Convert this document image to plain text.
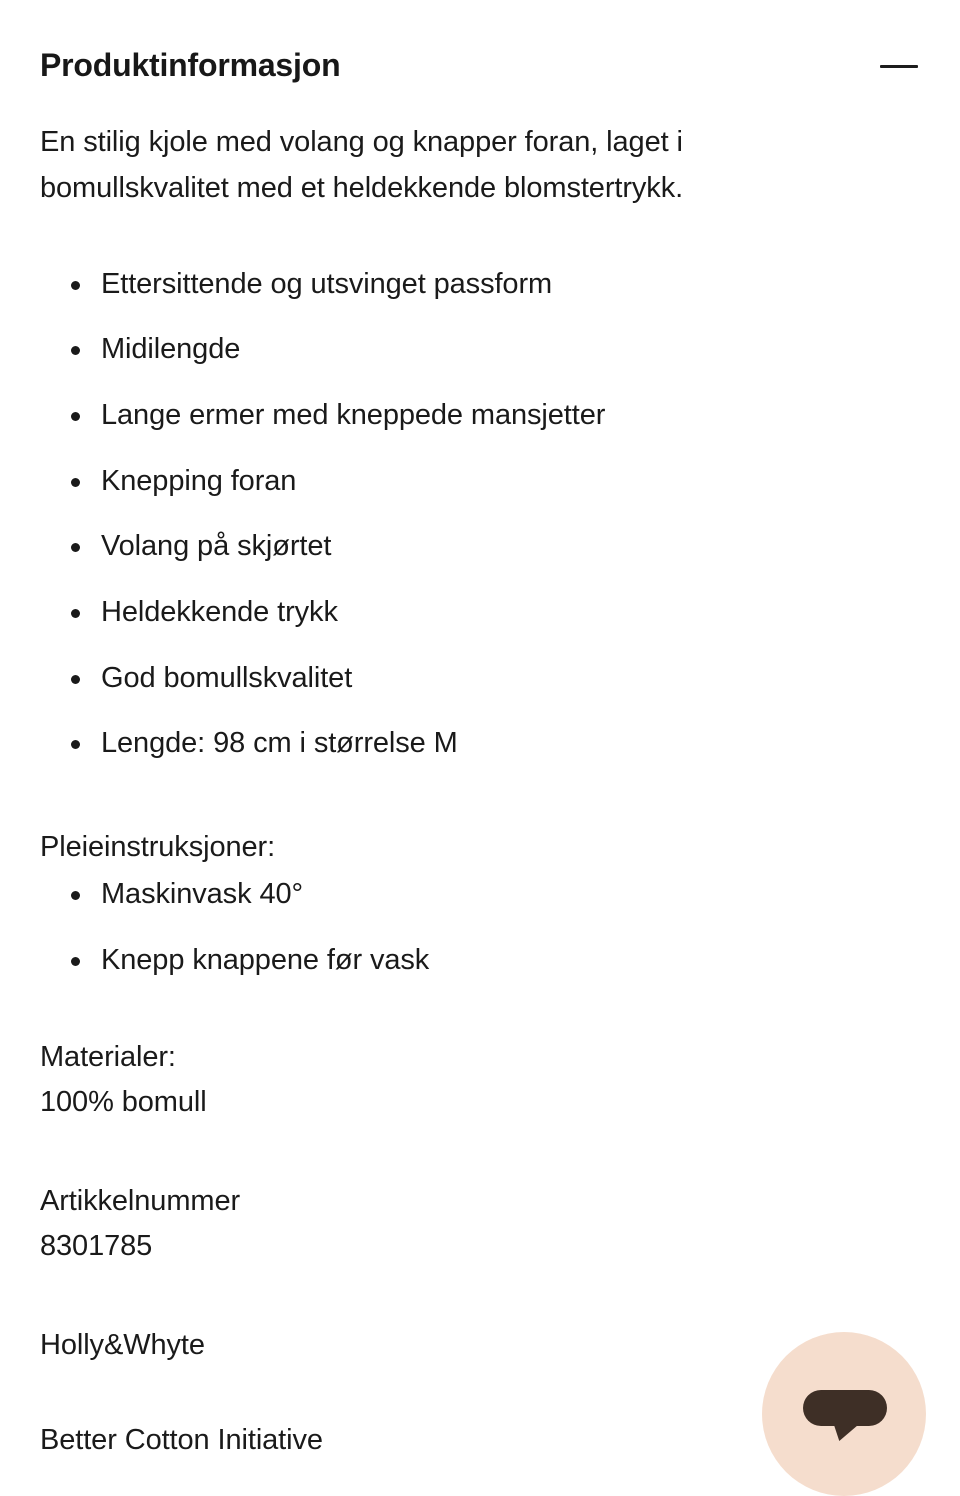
Produktinformasjon

En stilig kjole med volang og knapper foran, laget i bomullskvalitet med et heldekkende blomstertrykk.

Ettersittende og utsvinget passform
Midilengde
Lange ermer med kneppede mansjetter
Knepping foran
Volang på skjørtet
Heldekkende trykk
God bomullskvalitet
Lengde: 98 cm i størrelse M
Pleieinstruksjoner:
Maskinvask 40°
Knepp knappene før vask
Materialer:
100% bomull
Artikkelnummer
8301785
Holly&Whyte
Better Cotton Initiative
